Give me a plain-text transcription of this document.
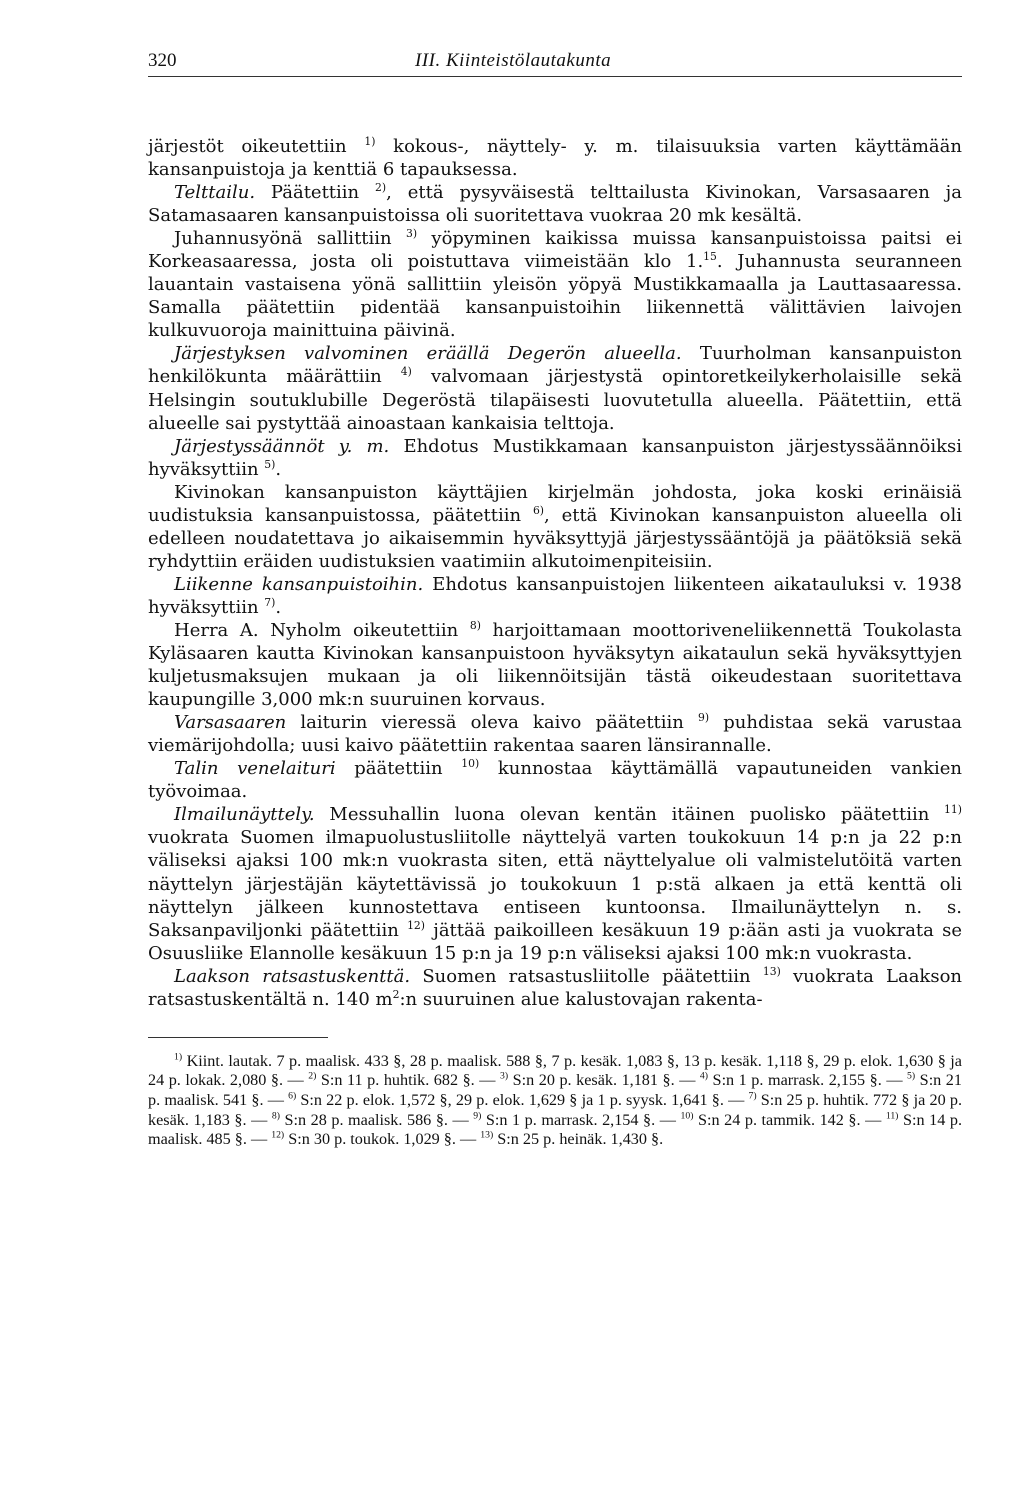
320	III. Kiinteistölautakunta

järjestöt oikeutettiin $^{1)}$ kokous-, näyttely- y. m. tilaisuuksia varten käyttämään kansanpuistoja ja kenttiä 6 tapauksessa.

Telttailu. Päätettiin $^{2)}$, että pysyväisestä telttailusta Kivinokan, Varsasaaren ja Satamasaaren kansanpuistoissa oli suoritettava vuokraa 20 mk kesältä.

Juhannusyönä sallittiin $^{3)}$ yöpyminen kaikissa muissa kansanpuistoissa paitsi ei Korkeasaaressa, josta oli poistuttava viimeistään klo 1.15. Juhannusta seuranneen lauantain vastaisena yönä sallittiin yleisön yöpyä Mustikkamaalla ja Lauttasaaressa. Samalla päätettiin pidentää kansanpuistoihin liikennettä välittävien laivojen kulkuvuoroja mainittuina päivinä.

Järjestyksen valvominen eräällä Degerön alueella. Tuurholman kansanpuiston henkilökunta määrättiin $^{4)}$ valvomaan järjestystä opintoretkeilykerholaisille sekä Helsingin soutuklubille Degeröstä tilapäisesti luovutetulla alueella. Päätettiin, että alueelle sai pystyttää ainoastaan kankaisia telttoja.

Järjestyssäännöt y. m. Ehdotus Mustikkamaan kansanpuiston järjestyssäännöiksi hyväksyttiin $^{5)}$.

Kivinokan kansanpuiston käyttäjien kirjelmän johdosta, joka koski erinäisiä uudistuksia kansanpuistossa, päätettiin $^{6)}$, että Kivinokan kansanpuiston alueella oli edelleen noudatettava jo aikaisemmin hyväksyttyjä järjestyssääntöjä ja päätöksiä sekä ryhdyttiin eräiden uudistuksien vaatimiin alkutoimenpiteisiin.

Liikenne kansanpuistoihin. Ehdotus kansanpuistojen liikenteen aikatauluksi v. 1938 hyväksyttiin $^{7)}$.

Herra A. Nyholm oikeutettiin $^{8)}$ harjoittamaan moottoriveneliikennettä Toukolasta Kyläsaaren kautta Kivinokan kansanpuistoon hyväksytyn aikataulun sekä hyväksyttyjen kuljetusmaksujen mukaan ja oli liikennöitsijän tästä oikeudestaan suoritettava kaupungille 3,000 mk:n suuruinen korvaus.

Varsasaaren laiturin vieressä oleva kaivo päätettiin $^{9)}$ puhdistaa sekä varustaa viemärijohdolla; uusi kaivo päätettiin rakentaa saaren länsirannalle.

Talin venelaituri päätettiin $^{10)}$ kunnostaa käyttämällä vapautuneiden vankien työvoimaa.

Ilmailunäyttely. Messuhallin luona olevan kentän itäinen puolisko päätettiin $^{11)}$ vuokrata Suomen ilmapuolustusliitolle näyttelyä varten toukokuun 14 p:n ja 22 p:n väliseksi ajaksi 100 mk:n vuokrasta siten, että näyttelyalue oli valmistelutöitä varten näyttelyn järjestäjän käytettävissä jo toukokuun 1 p:stä alkaen ja että kenttä oli näyttelyn jälkeen kunnostettava entiseen kuntoonsa. Ilmailunäyttelyn n. s. Saksanpaviljonki päätettiin $^{12)}$ jättää paikoilleen kesäkuun 19 p:ään asti ja vuokrata se Osuusliike Elannolle kesäkuun 15 p:n ja 19 p:n väliseksi ajaksi 100 mk:n vuokrasta.

Laakson ratsastuskenttä. Suomen ratsastusliitolle päätettiin $^{13)}$ vuokrata Laakson ratsastuskentältä n. 140 $m^2:n$ suuruinen alue kalustovajan rakenta-

$^{1)}$ Kiint. lautak. 7 p. maalisk. 433 §, 28 p. maalisk. 588 §, 7 p. kesäk. 1,083 §, 13 p. kesäk. 1,118 §, 29 p. elok. 1,630 § ja 24 p. lokak. 2,080 §. — $^{2)}$ S:n 11 p. huhtik. 682 §. — $^{3)}$ S:n 20 p. kesäk. 1,181 §. — $^{4)}$ S:n 1 p. marrask. 2,155 §. — $^{5)}$ S:n 21 p. maalisk. 541 §. — $^{6)}$ S:n 22 p. elok. 1,572 §, 29 p. elok. 1,629 § ja 1 p. syysk. 1,641 §. — $^{7)}$ S:n 25 p. huhtik. 772 § ja 20 p. kesäk. 1,183 §. — $^{8)}$ S:n 28 p. maalisk. 586 §. — $^{9)}$ S:n 1 p. marrask. 2,154 §. — $^{10)}$ S:n 24 p. tammik. 142 §. — $^{11)}$ S:n 14 p. maalisk. 485 §. — $^{12)}$ S:n 30 p. toukok. 1,029 §. — $^{13)}$ S:n 25 p. heinäk. 1,430 §.
